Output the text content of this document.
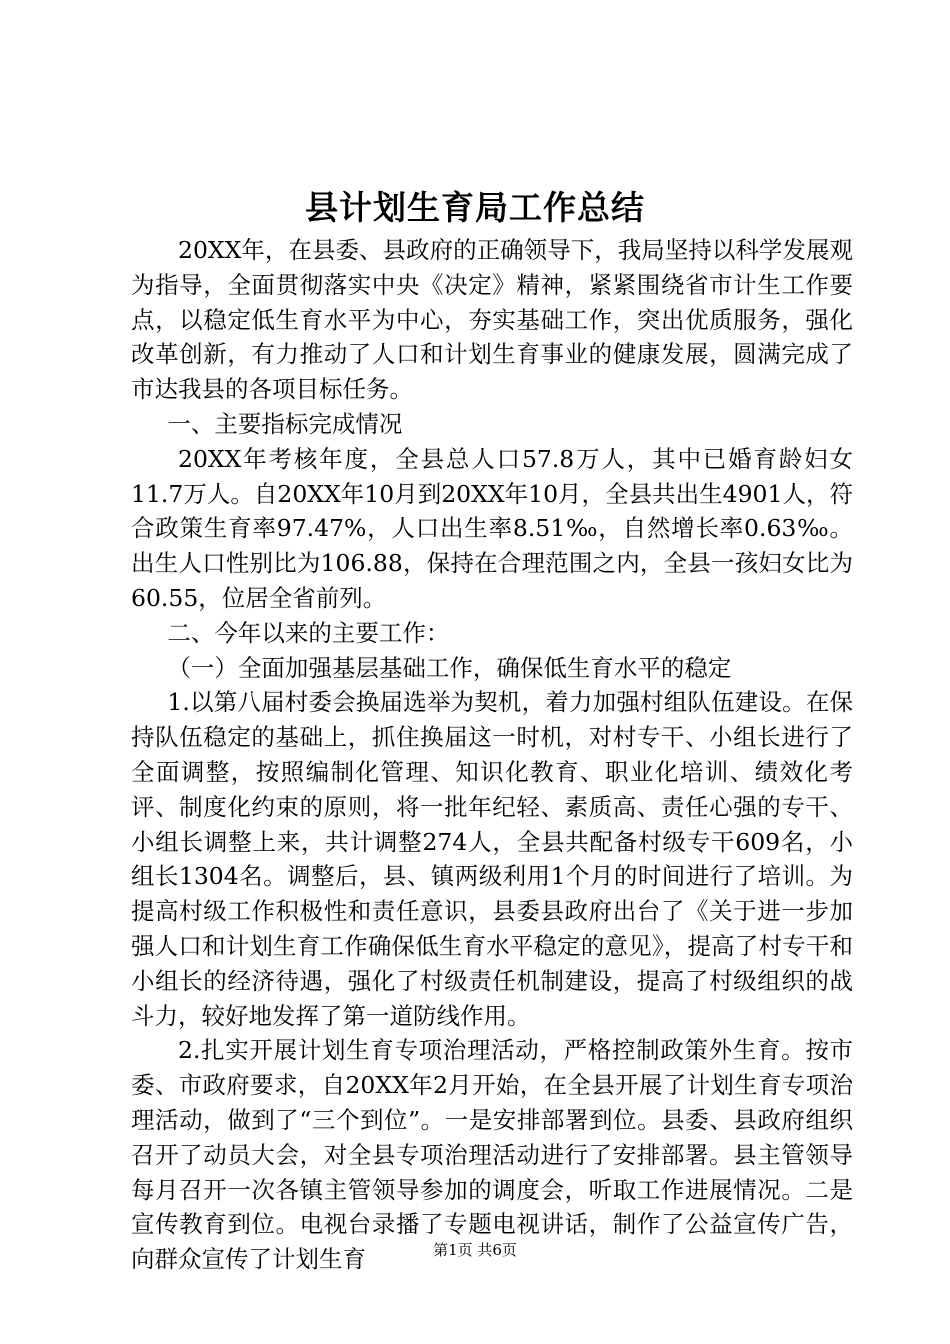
县计划生育局工作总结

20XX年，在县委、县政府的正确领导下，我局坚持以科学发展观为指导，全面贯彻落实中央《决定》精神，紧紧围绕省市计生工作要点，以稳定低生育水平为中心，夯实基础工作，突出优质服务，强化改革创新，有力推动了人口和计划生育事业的健康发展，圆满完成了市达我县的各项目标任务。

一、主要指标完成情况

20XX年考核年度，全县总人口57.8万人，其中已婚育龄妇女11.7万人。自20XX年10月到20XX年10月，全县共出生4901人，符合政策生育率97.47%，人口出生率8.51‰，自然增长率0.63‰。出生人口性别比为106.88，保持在合理范围之内，全县一孩妇女比为60.55，位居全省前列。

二、今年以来的主要工作：

（一）全面加强基层基础工作，确保低生育水平的稳定

1.以第八届村委会换届选举为契机，着力加强村组队伍建设。在保持队伍稳定的基础上，抓住换届这一时机，对村专干、小组长进行了全面调整，按照编制化管理、知识化教育、职业化培训、绩效化考评、制度化约束的原则，将一批年纪轻、素质高、责任心强的专干、小组长调整上来，共计调整274人，全县共配备村级专干609名，小组长1304名。调整后，县、镇两级利用1个月的时间进行了培训。为提高村级工作积极性和责任意识，县委县政府出台了《关于进一步加强人口和计划生育工作确保低生育水平稳定的意见》，提高了村专干和小组长的经济待遇，强化了村级责任机制建设，提高了村级组织的战斗力，较好地发挥了第一道防线作用。

2.扎实开展计划生育专项治理活动，严格控制政策外生育。按市委、市政府要求，自20XX年2月开始，在全县开展了计划生育专项治理活动，做到了“三个到位”。一是安排部署到位。县委、县政府组织召开了动员大会，对全县专项治理活动进行了安排部署。县主管领导每月召开一次各镇主管领导参加的调度会，听取工作进展情况。二是宣传教育到位。电视台录播了专题电视讲话，制作了公益宣传广告，向群众宣传了计划生育	第1页 共6页
